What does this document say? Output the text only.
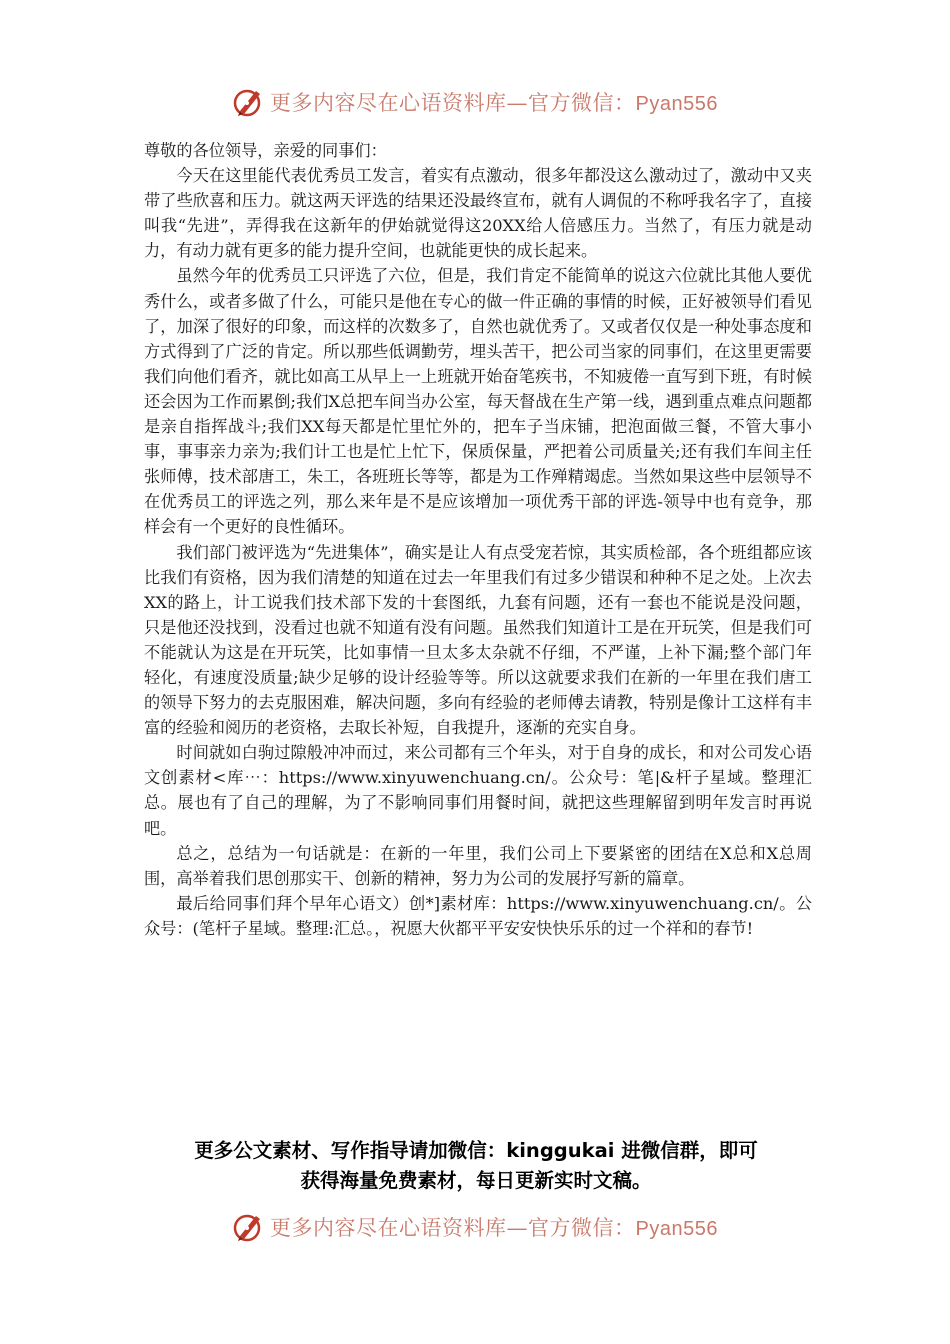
更多内容尽在心语资料库—官方微信：Pyan556

尊敬的各位领导，亲爱的同事们：

今天在这里能代表优秀员工发言，着实有点激动，很多年都没这么激动过了，激动中又夹带了些欣喜和压力。就这两天评选的结果还没最终宣布，就有人调侃的不称呼我名字了，直接叫我“先进”，弄得我在这新年的伊始就觉得这20XX给人倍感压力。当然了，有压力就是动力，有动力就有更多的能力提升空间，也就能更快的成长起来。

虽然今年的优秀员工只评选了六位，但是，我们肯定不能简单的说这六位就比其他人要优秀什么，或者多做了什么，可能只是他在专心的做一件正确的事情的时候，正好被领导们看见了，加深了很好的印象，而这样的次数多了，自然也就优秀了。又或者仅仅是一种处事态度和方式得到了广泛的肯定。所以那些低调勤劳，埋头苦干，把公司当家的同事们，在这里更需要我们向他们看齐，就比如高工从早上一上班就开始奋笔疾书，不知疲倦一直写到下班，有时候还会因为工作而累倒;我们X总把车间当办公室，每天督战在生产第一线，遇到重点难点问题都是亲自指挥战斗;我们XX每天都是忙里忙外的，把车子当床铺，把泡面做三餐，不管大事小事，事事亲力亲为;我们计工也是忙上忙下，保质保量，严把着公司质量关;还有我们车间主任张师傅，技术部唐工，朱工，各班班长等等，都是为工作殚精竭虑。当然如果这些中层领导不在优秀员工的评选之列，那么来年是不是应该增加一项优秀干部的评选-领导中也有竞争，那样会有一个更好的良性循环。

我们部门被评选为“先进集体”，确实是让人有点受宠若惊，其实质检部，各个班组都应该比我们有资格，因为我们清楚的知道在过去一年里我们有过多少错误和种种不足之处。上次去XX的路上，计工说我们技术部下发的十套图纸，九套有问题，还有一套也不能说是没问题，只是他还没找到，没看过也就不知道有没有问题。虽然我们知道计工是在开玩笑，但是我们可不能就认为这是在开玩笑，比如事情一旦太多太杂就不仔细，不严谨，上补下漏;整个部门年轻化，有速度没质量;缺少足够的设计经验等等。所以这就要求我们在新的一年里在我们唐工的领导下努力的去克服困难，解决问题，多向有经验的老师傅去请教，特别是像计工这样有丰富的经验和阅历的老资格，去取长补短，自我提升，逐渐的充实自身。

时间就如白驹过隙般冲冲而过，来公司都有三个年头，对于自身的成长，和对公司发心语文创素材<库⋯：https://www.xinyuwenchuang.cn/。公众号：笔|&杆子星域。整理汇总。展也有了自己的理解，为了不影响同事们用餐时间，就把这些理解留到明年发言时再说吧。

总之，总结为一句话就是：在新的一年里，我们公司上下要紧密的团结在X总和X总周围，高举着我们思创那实干、创新的精神，努力为公司的发展抒写新的篇章。

最后给同事们拜个早年心语文）创*]素材库：https://www.xinyuwenchuang.cn/。公众号：(笔杆子星域。整理:汇总。，祝愿大伙都平平安安快快乐乐的过一个祥和的春节!

更多公文素材、写作指导请加微信：kinggukai 进微信群，即可
获得海量免费素材，每日更新实时文稿。
更多内容尽在心语资料库—官方微信：Pyan556
